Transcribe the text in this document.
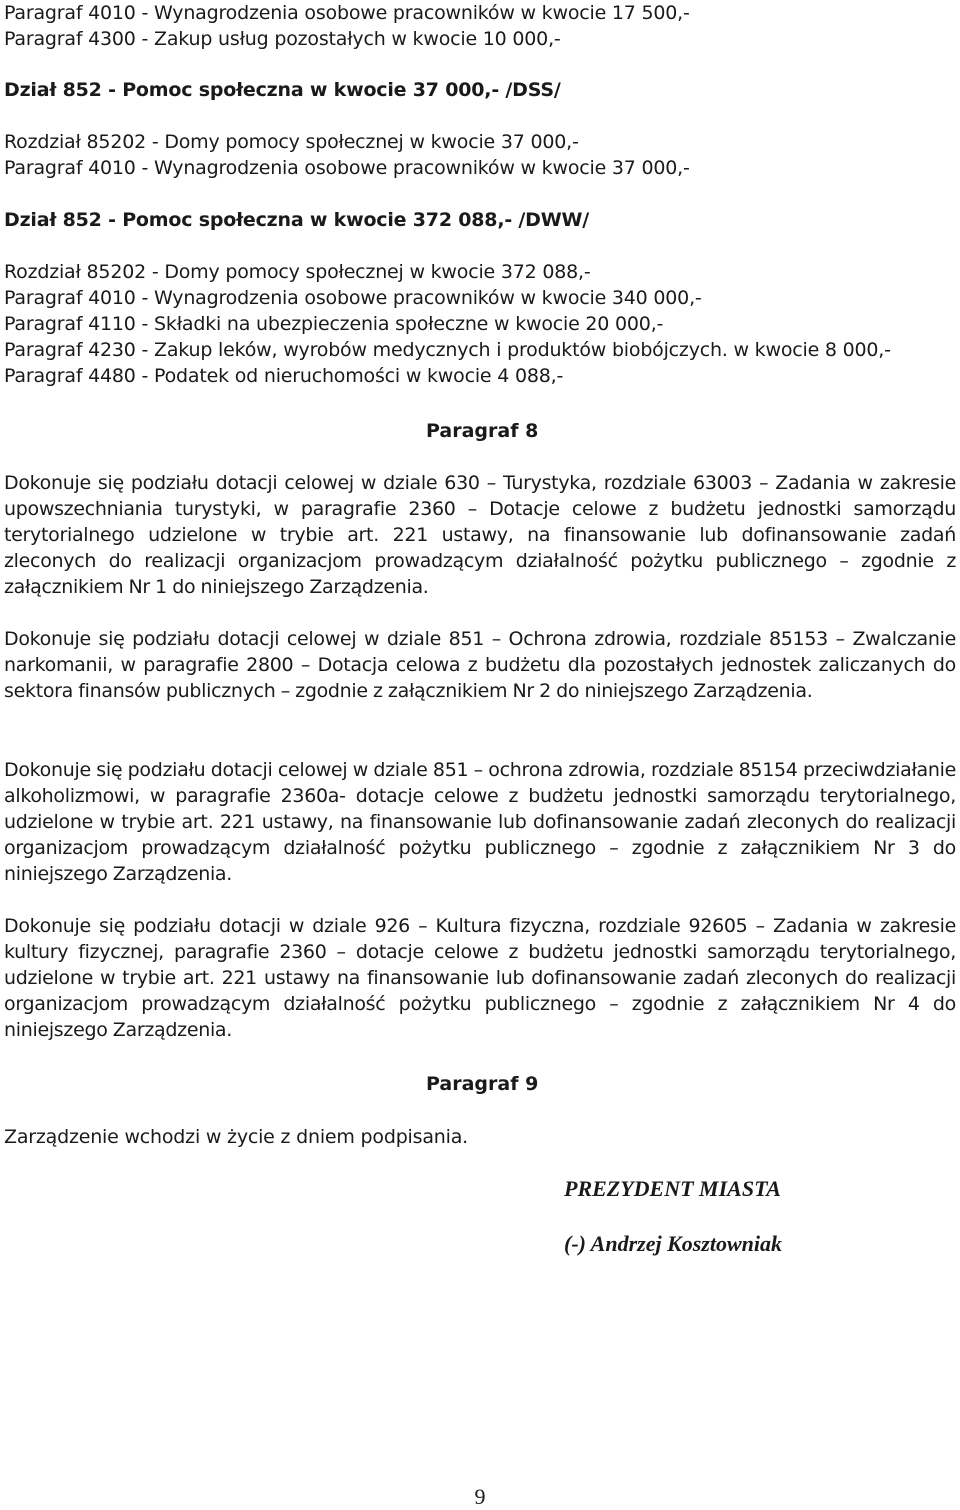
Paragraf 4010 - Wynagrodzenia osobowe pracowników w kwocie 17 500,-
Paragraf 4300 - Zakup usług pozostałych w kwocie 10 000,-
Dział 852 - Pomoc społeczna w kwocie 37 000,- /DSS/
Rozdział 85202 - Domy pomocy społecznej w kwocie 37 000,-
Paragraf 4010 - Wynagrodzenia osobowe pracowników w kwocie 37 000,-
Dział 852 - Pomoc społeczna w kwocie 372 088,- /DWW/
Rozdział 85202 - Domy pomocy społecznej w kwocie 372 088,-
Paragraf 4010 - Wynagrodzenia osobowe pracowników w kwocie 340 000,-
Paragraf 4110 - Składki na ubezpieczenia społeczne w kwocie 20 000,-
Paragraf 4230 - Zakup leków, wyrobów medycznych i produktów biobójczych. w kwocie 8 000,-
Paragraf 4480 - Podatek od nieruchomości w kwocie 4 088,-
Paragraf 8
Dokonuje się podziału dotacji celowej w dziale 630 – Turystyka, rozdziale 63003 – Zadania w zakresie upowszechniania turystyki, w paragrafie 2360 – Dotacje celowe z budżetu jednostki samorządu terytorialnego udzielone w trybie art. 221 ustawy, na finansowanie lub dofinansowanie zadań zleconych do realizacji organizacjom prowadzącym działalność pożytku publicznego – zgodnie z załącznikiem Nr 1 do niniejszego Zarządzenia.
Dokonuje się podziału dotacji celowej w dziale 851 – Ochrona zdrowia, rozdziale 85153 – Zwalczanie narkomanii, w paragrafie 2800 – Dotacja celowa z budżetu dla pozostałych jednostek zaliczanych do sektora finansów publicznych – zgodnie z załącznikiem Nr 2 do niniejszego Zarządzenia.
Dokonuje się podziału dotacji celowej w dziale 851 – ochrona zdrowia, rozdziale 85154 przeciwdziałanie alkoholizmowi, w paragrafie 2360a- dotacje celowe z budżetu jednostki samorządu terytorialnego, udzielone w trybie art. 221 ustawy, na finansowanie lub dofinansowanie zadań zleconych do realizacji organizacjom prowadzącym działalność pożytku publicznego – zgodnie z załącznikiem Nr 3 do niniejszego Zarządzenia.
Dokonuje się podziału dotacji w dziale 926 – Kultura fizyczna, rozdziale 92605 – Zadania w zakresie kultury fizycznej, paragrafie 2360 – dotacje celowe z budżetu jednostki samorządu terytorialnego, udzielone w trybie art. 221 ustawy na finansowanie lub dofinansowanie zadań zleconych do realizacji organizacjom prowadzącym działalność pożytku publicznego – zgodnie z załącznikiem Nr 4 do niniejszego Zarządzenia.
Paragraf 9
Zarządzenie wchodzi w życie z dniem podpisania.
PREZYDENT MIASTA
(-) Andrzej Kosztowniak
9
